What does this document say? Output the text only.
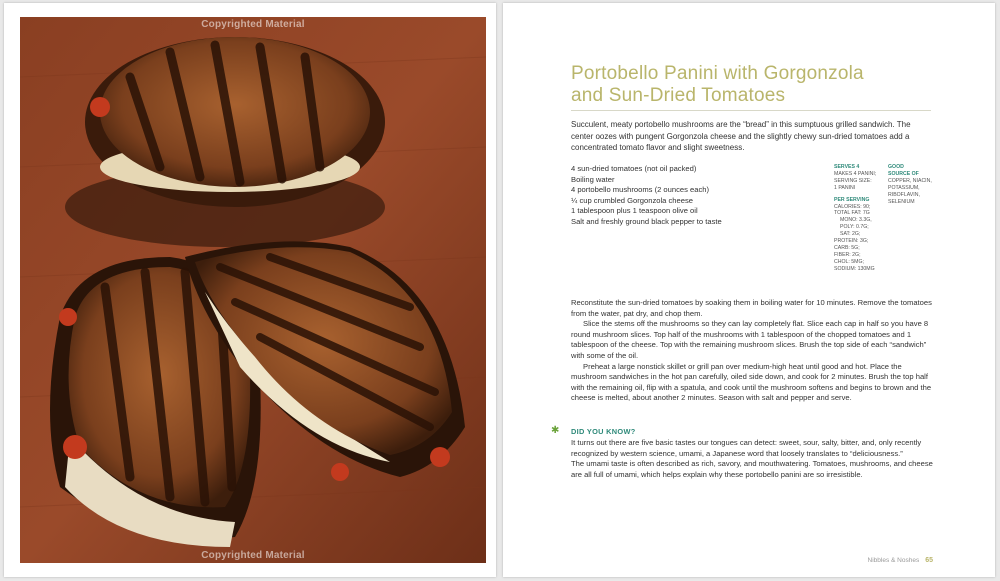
Copyrighted Material
Copyrighted Material
Portobello Panini with Gorgonzola
and Sun-Dried Tomatoes
Succulent, meaty portobello mushrooms are the “bread” in this sumptuous grilled sandwich. The center oozes with pungent Gorgonzola cheese and the slightly chewy sun-dried tomatoes add a concentrated tomato flavor and slight sweetness.
4 sun-dried tomatoes (not oil packed)
Boiling water
4 portobello mushrooms (2 ounces each)
¼ cup crumbled Gorgonzola cheese
1 tablespoon plus 1 teaspoon olive oil
Salt and freshly ground black pepper to taste
SERVES 4
MAKES 4 PANINI;
SERVING SIZE:
1 PANINI
PER SERVING
CALORIES: 90;
TOTAL FAT: 7G
MONO: 3.3G,
POLY: 0.7G;
SAT: 2G;
PROTEIN: 3G;
CARB: 5G;
FIBER: 2G;
CHOL: 5MG;
SODIUM: 130MG
GOOD
SOURCE OF
COPPER, NIACIN,
POTASSIUM,
RIBOFLAVIN,
SELENIUM

Reconstitute the sun-dried tomatoes by soaking them in boiling water for 10 minutes. Remove the tomatoes from the water, pat dry, and chop them.

Slice the stems off the mushrooms so they can lay completely flat. Slice each cap in half so you have 8 round mushroom slices. Top half of the mushrooms with 1 tablespoon of the chopped tomatoes and 1 tablespoon of the cheese. Top with the remaining mushroom slices. Brush the top side of each “sandwich” with some of the oil.

Preheat a large nonstick skillet or grill pan over medium-high heat until good and hot. Place the mushroom sandwiches in the hot pan carefully, oiled side down, and cook for 2 minutes. Brush the top half with the remaining oil, flip with a spatula, and cook until the mushroom softens and begins to brown and the cheese is melted, about another 2 minutes. Season with salt and pepper and serve.

✱ DID YOU KNOW?

It turns out there are five basic tastes our tongues can detect: sweet, sour, salty, bitter, and, only recently recognized by western science, umami, a Japanese word that loosely translates to “deliciousness.”

The umami taste is often described as rich, savory, and mouthwatering. Tomatoes, mushrooms, and cheese are all full of umami, which helps explain why these portobello panini are so irresistible.

Nibbles & Noshes 65
